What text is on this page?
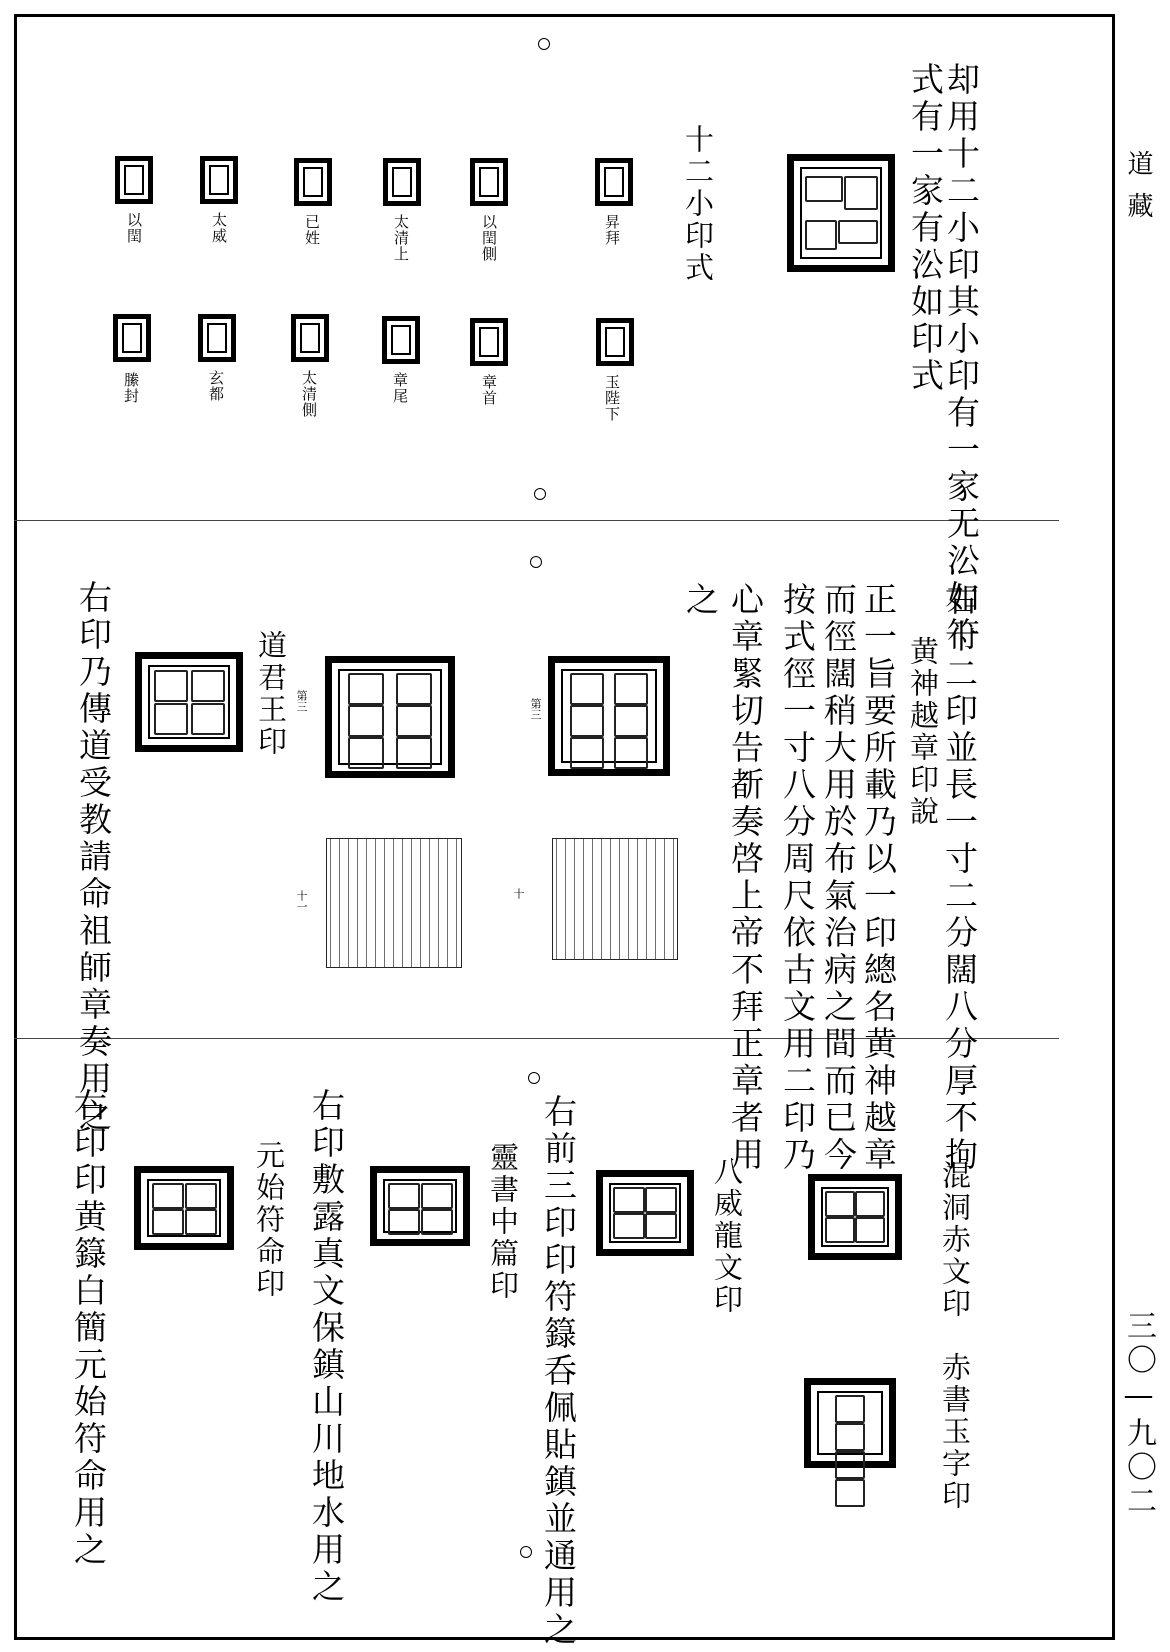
道藏
三〇—九〇二
却用十二小印其小印有一家无㳂如符
式有一家有㳂如印式
十二小印式
昇拜
以閏側
太清上
已姓
太威
以閏
玉陛下
章首
章尾
太清側
玄都
縢封
右十二印並長一寸二分闊八分厚不拘
黄神越章印說
正一旨要所載乃以一印總名黄神越章
而徑闊稍大用於布氣治病之間而已今
按式徑一寸八分周尺依古文用二印乃
心章緊切告斱奏啓上帝不拜正章者用
之
第三
第三
道君王印
十
十一
右印乃傳道受教請命祖師章奏用之
混洞赤文印
赤書玉字印
八威龍文印
右前三印印符籙呑佩貼鎮並通用之
靈書中篇印
右印敷露真文保鎮山川地水用之
元始符命印
右印印黄籙白簡元始符命用之
